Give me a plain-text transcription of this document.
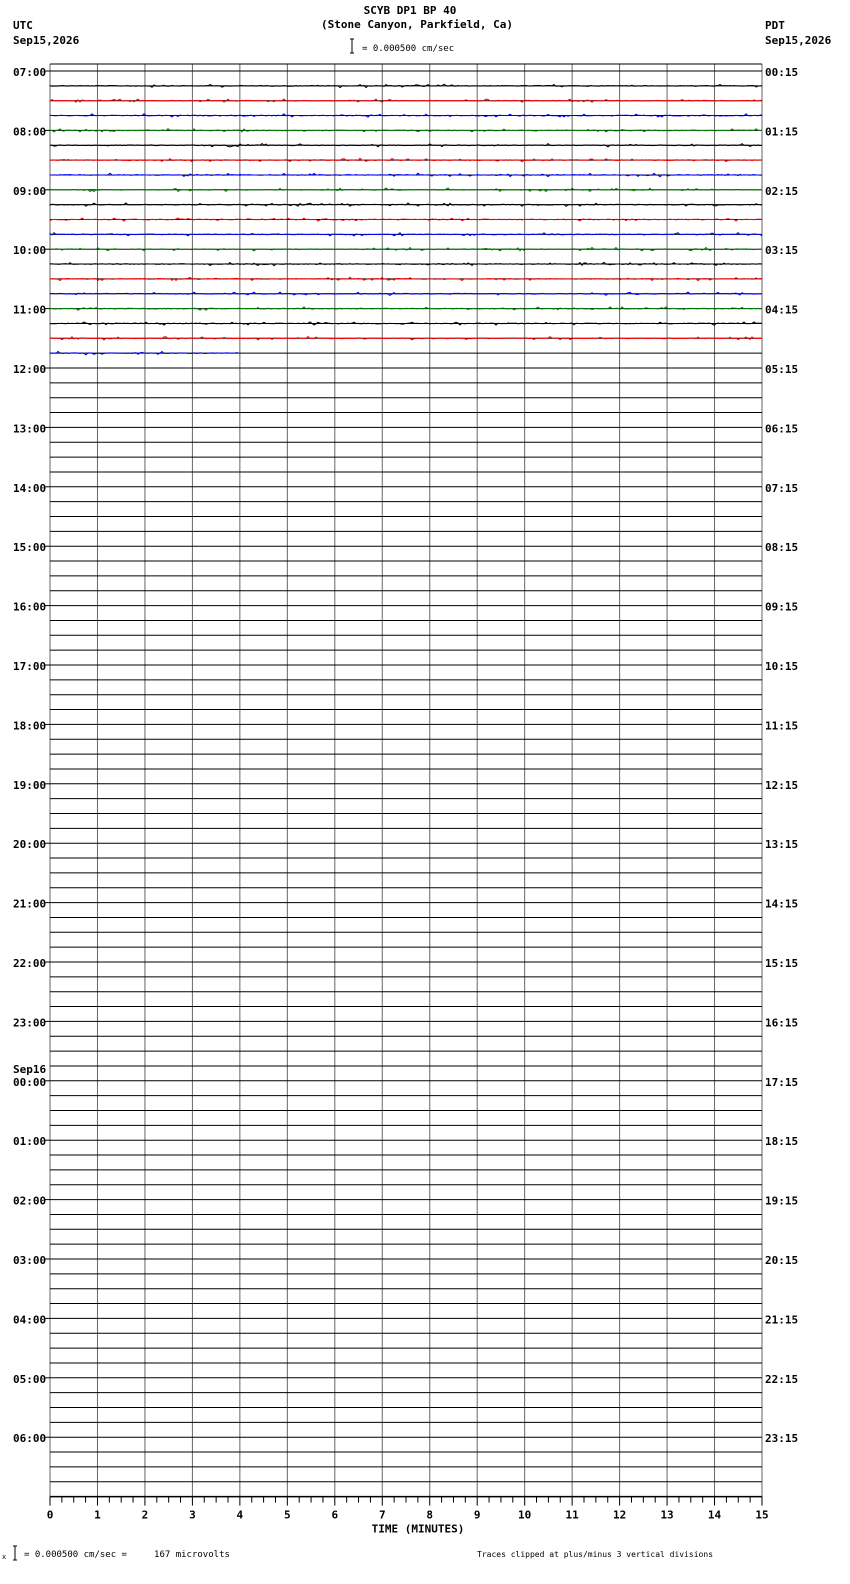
SCYB DP1 BP 40
(Stone Canyon, Parkfield, Ca)
UTC
Sep15,2026
PDT
Sep15,2026
= 0.000500 cm/sec
= 0.000500 cm/sec =     167 microvolts	Traces clipped at plus/minus 3 vertical divisions
x
07:00
08:00
09:00
10:00
11:00
12:00
13:00
14:00
15:00
16:00
17:00
18:00
19:00
20:00
21:00
22:00
23:00
Sep16
00:00
01:00
02:00
03:00
04:00
05:00
06:00
00:15
01:15
02:15
03:15
04:15
05:15
06:15
07:15
08:15
09:15
10:15
11:15
12:15
13:15
14:15
15:15
16:15
17:15
18:15
19:15
20:15
21:15
22:15
23:15
0	1	2	3	4	5	6	7	8	9	10	11	12	13	14	15
TIME (MINUTES)
